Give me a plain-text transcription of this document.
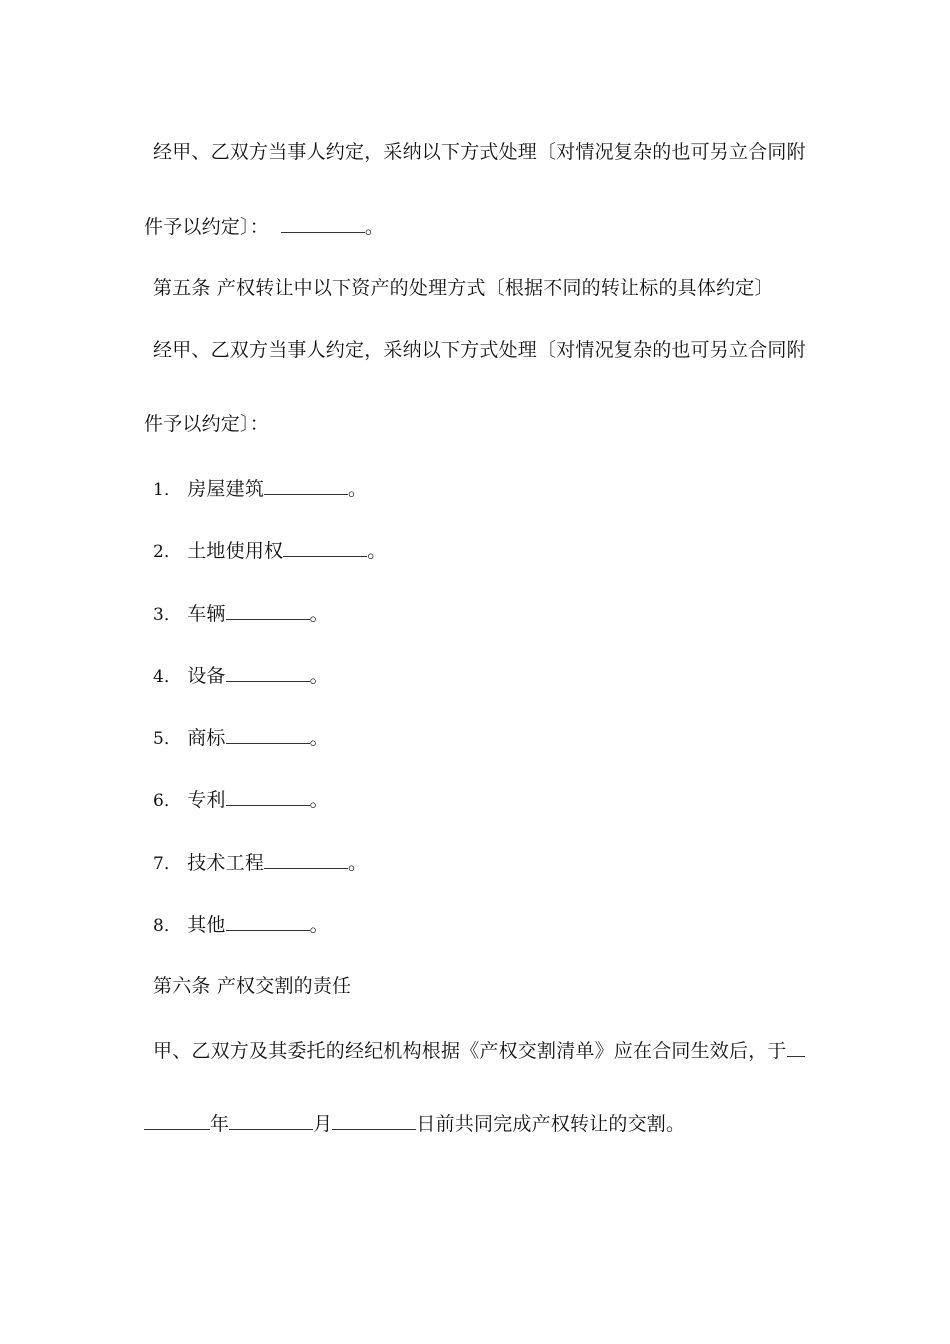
经甲、乙双方当事人约定，采纳以下方式处理〔对情况复杂的也可另立合同附
件予以约定〕：	。
第五条 产权转让中以下资产的处理方式〔根据不同的转让标的具体约定〕
经甲、乙双方当事人约定，采纳以下方式处理〔对情况复杂的也可另立合同附
件予以约定〕：
1． 房屋建筑	。
2． 土地使用权	。
3． 车辆	。
4． 设备	。
5． 商标	。
6． 专利	。
7． 技术工程	。
8． 其他	。
第六条 产权交割的责任
甲、乙双方及其委托的经纪机构根据《产权交割清单》应在合同生效后，于
年	月	日前共同完成产权转让的交割。
